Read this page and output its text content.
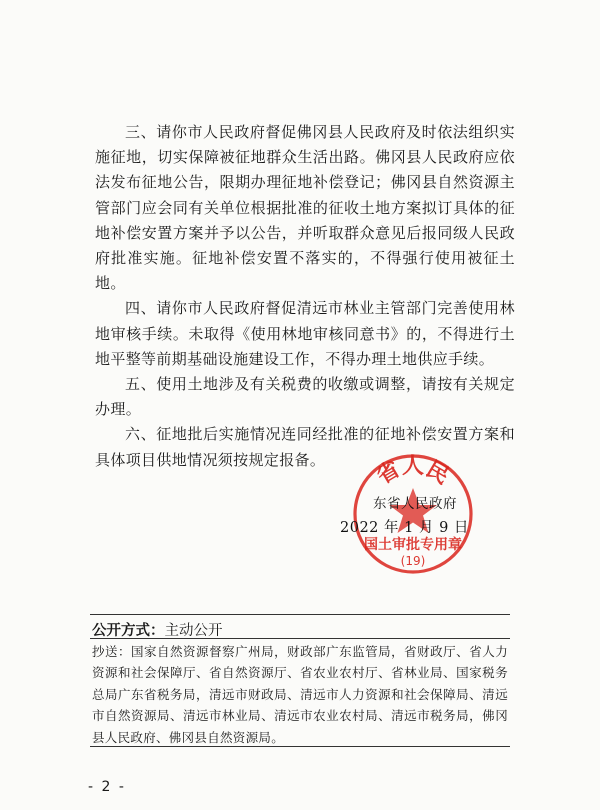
三、请你市人民政府督促佛冈县人民政府及时依法组织实施征地，切实保障被征地群众生活出路。佛冈县人民政府应依法发布征地公告，限期办理征地补偿登记；佛冈县自然资源主管部门应会同有关单位根据批准的征收土地方案拟订具体的征地补偿安置方案并予以公告，并听取群众意见后报同级人民政府批准实施。征地补偿安置不落实的，不得强行使用被征土地。

四、请你市人民政府督促清远市林业主管部门完善使用林地审核手续。未取得《使用林地审核同意书》的，不得进行土地平整等前期基础设施建设工作，不得办理土地供应手续。

五、使用土地涉及有关税费的收缴或调整，请按有关规定办理。

六、征地批后实施情况连同经批准的征地补偿安置方案和具体项目供地情况须按规定报备。	省人民
国土审批专用章
(19)
东省人民政府
2022 年 1 月 9 日
公开方式：主动公开
抄送：国家自然资源督察广州局，财政部广东监管局，省财政厅、省人力资源和社会保障厅、省自然资源厅、省农业农村厅、省林业局、国家税务总局广东省税务局，清远市财政局、清远市人力资源和社会保障局、清远市自然资源局、清远市林业局、清远市农业农村局、清远市税务局，佛冈县人民政府、佛冈县自然资源局。
- 2 -
